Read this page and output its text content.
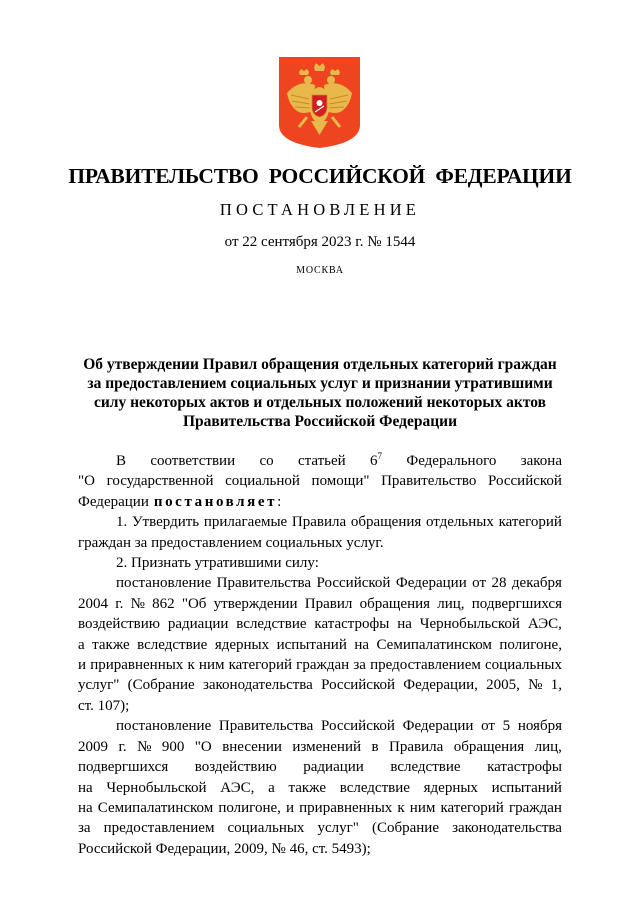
ПРАВИТЕЛЬСТВО РОССИЙСКОЙ ФЕДЕРАЦИИ
ПОСТАНОВЛЕНИЕ
от 22 сентября 2023 г. № 1544
МОСКВА
Об утверждении Правил обращения отдельных категорий граждан
за предоставлением социальных услуг и признании утратившими
силу некоторых актов и отдельных положений некоторых актов
Правительства Российской Федерации
В соответствии со статьей $6^7$ Федерального закона
"О государственной социальной помощи" Правительство Российской
Федерации постановляет :
1. Утвердить прилагаемые Правила обращения отдельных категорий
граждан за предоставлением социальных услуг.
2. Признать утратившими силу:
постановление Правительства Российской Федерации от 28 декабря
2004 г. № 862 "Об утверждении Правил обращения лиц, подвергшихся
воздействию радиации вследствие катастрофы на Чернобыльской АЭС,
а также вследствие ядерных испытаний на Семипалатинском полигоне,
и приравненных к ним категорий граждан за предоставлением социальных
услуг" (Собрание законодательства Российской Федерации, 2005, № 1,
ст. 107);
постановление Правительства Российской Федерации от 5 ноября
2009 г. № 900 "О внесении изменений в Правила обращения лиц,
подвергшихся воздействию радиации вследствие катастрофы
на Чернобыльской АЭС, а также вследствие ядерных испытаний
на Семипалатинском полигоне, и приравненных к ним категорий граждан
за предоставлением социальных услуг" (Собрание законодательства
Российской Федерации, 2009, № 46, ст. 5493);
